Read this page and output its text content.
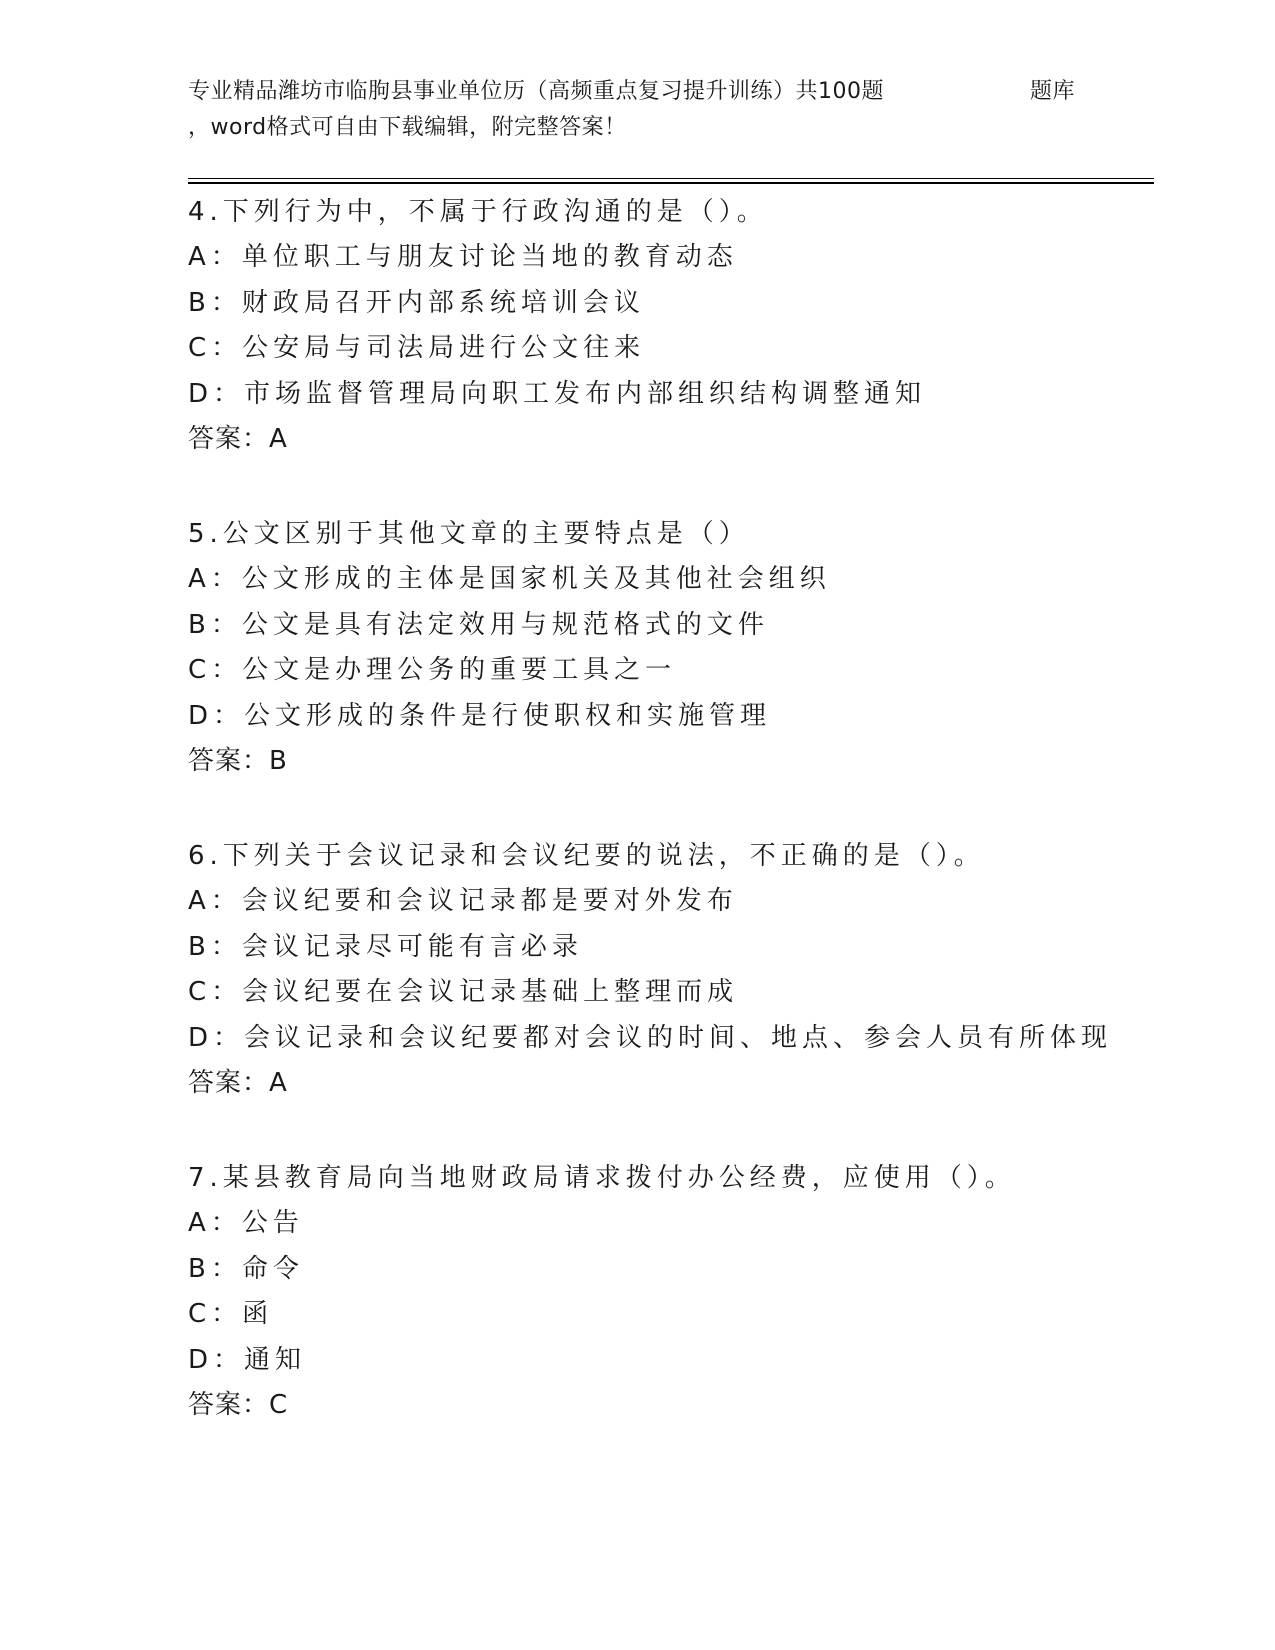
专业精品潍坊市临朐县事业单位历（高频重点复习提升训练）共100题	题库
，word格式可自由下载编辑，附完整答案！
4.下列行为中，不属于行政沟通的是（）。
A：单位职工与朋友讨论当地的教育动态
B：财政局召开内部系统培训会议
C：公安局与司法局进行公文往来
D：市场监督管理局向职工发布内部组织结构调整通知
答案：A
5.公文区别于其他文章的主要特点是（）
A：公文形成的主体是国家机关及其他社会组织
B：公文是具有法定效用与规范格式的文件
C：公文是办理公务的重要工具之一
D：公文形成的条件是行使职权和实施管理
答案：B
6.下列关于会议记录和会议纪要的说法，不正确的是（）。
A：会议纪要和会议记录都是要对外发布
B：会议记录尽可能有言必录
C：会议纪要在会议记录基础上整理而成
D：会议记录和会议纪要都对会议的时间、地点、参会人员有所体现
答案：A
7.某县教育局向当地财政局请求拨付办公经费，应使用（）。
A：公告
B：命令
C：函
D：通知
答案：C
